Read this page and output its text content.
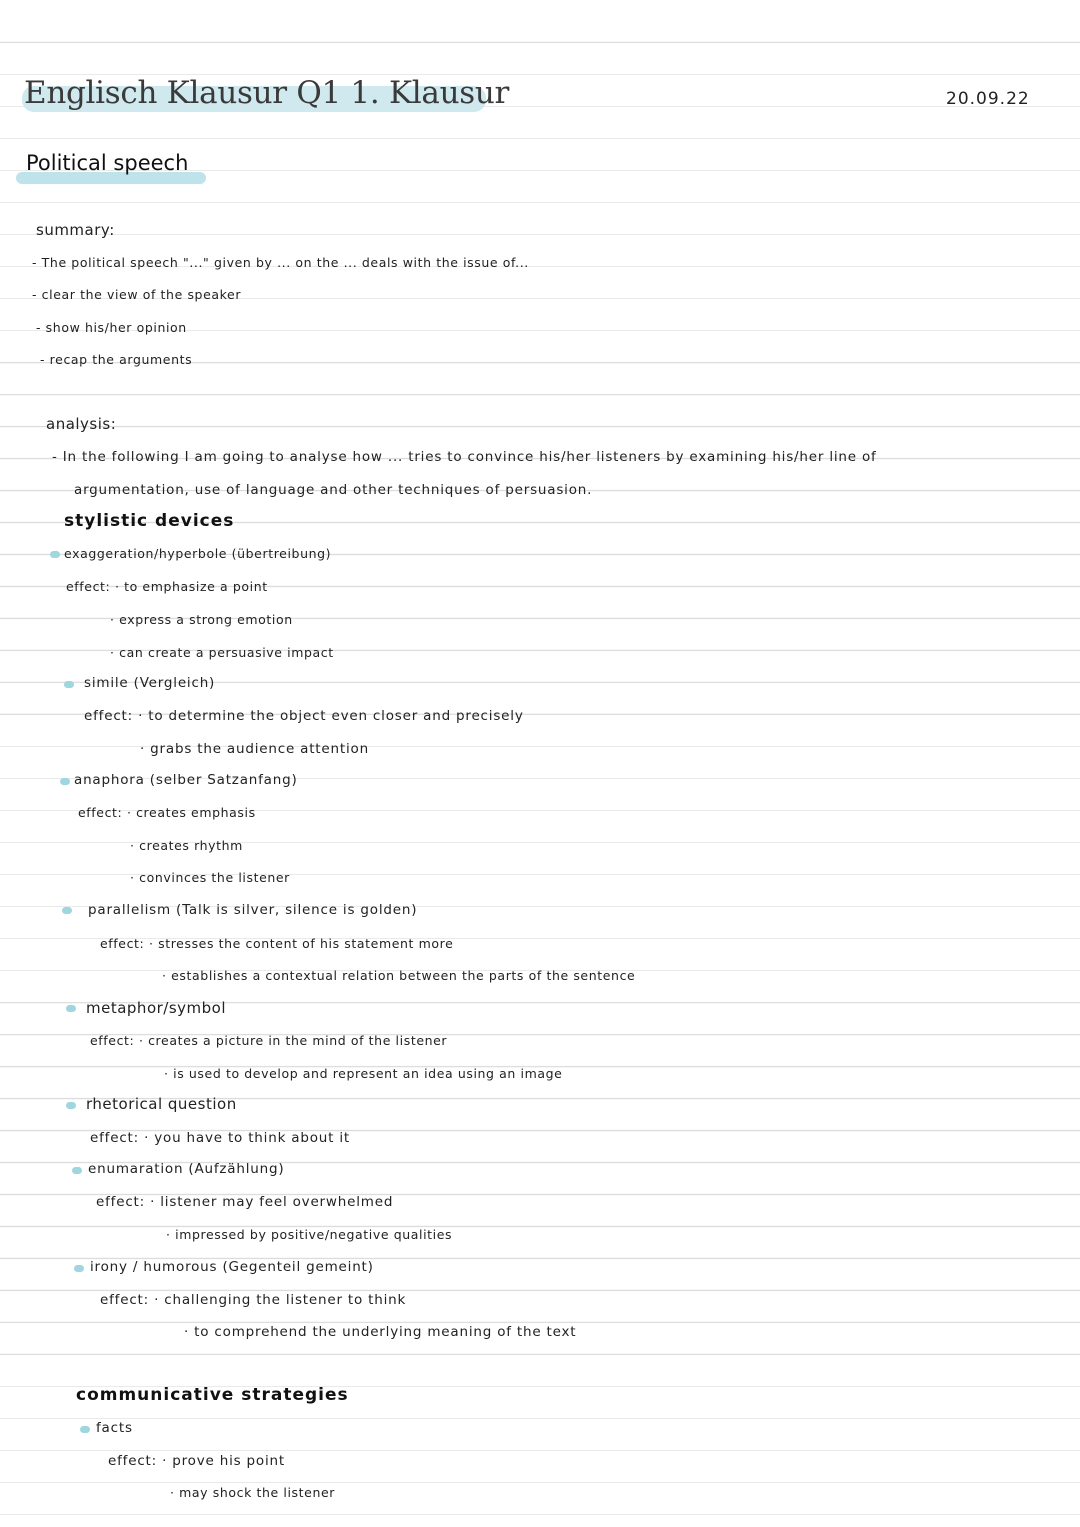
Englisch Klausur Q1 1. Klausur	20.09.22
Political speech
summary:
- The political speech "..." given by ... on the ... deals with the issue of...
- clear the view of the speaker
- show his/her opinion
- recap the arguments
analysis:
- In the following I am going to analyse how ... tries to convince his/her listeners by examining his/her line of
argumentation, use of language and other techniques of persuasion.
stylistic devices
exaggeration/hyperbole (übertreibung)
effect: · to emphasize a point
· express a strong emotion
· can create a persuasive impact
simile (Vergleich)
effect: · to determine the object even closer and precisely
· grabs the audience attention
anaphora (selber Satzanfang)
effect: · creates emphasis
· creates rhythm
· convinces the listener
parallelism (Talk is silver, silence is golden)
effect: · stresses the content of his statement more
· establishes a contextual relation between the parts of the sentence
metaphor/symbol
effect: · creates a picture in the mind of the listener
· is used to develop and represent an idea using an image
rhetorical question
effect: · you have to think about it
enumaration (Aufzählung)
effect: · listener may feel overwhelmed
· impressed by positive/negative qualities
irony / humorous (Gegenteil gemeint)
effect: · challenging the listener to think
· to comprehend the underlying meaning of the text
communicative strategies
facts
effect: · prove his point
· may shock the listener
